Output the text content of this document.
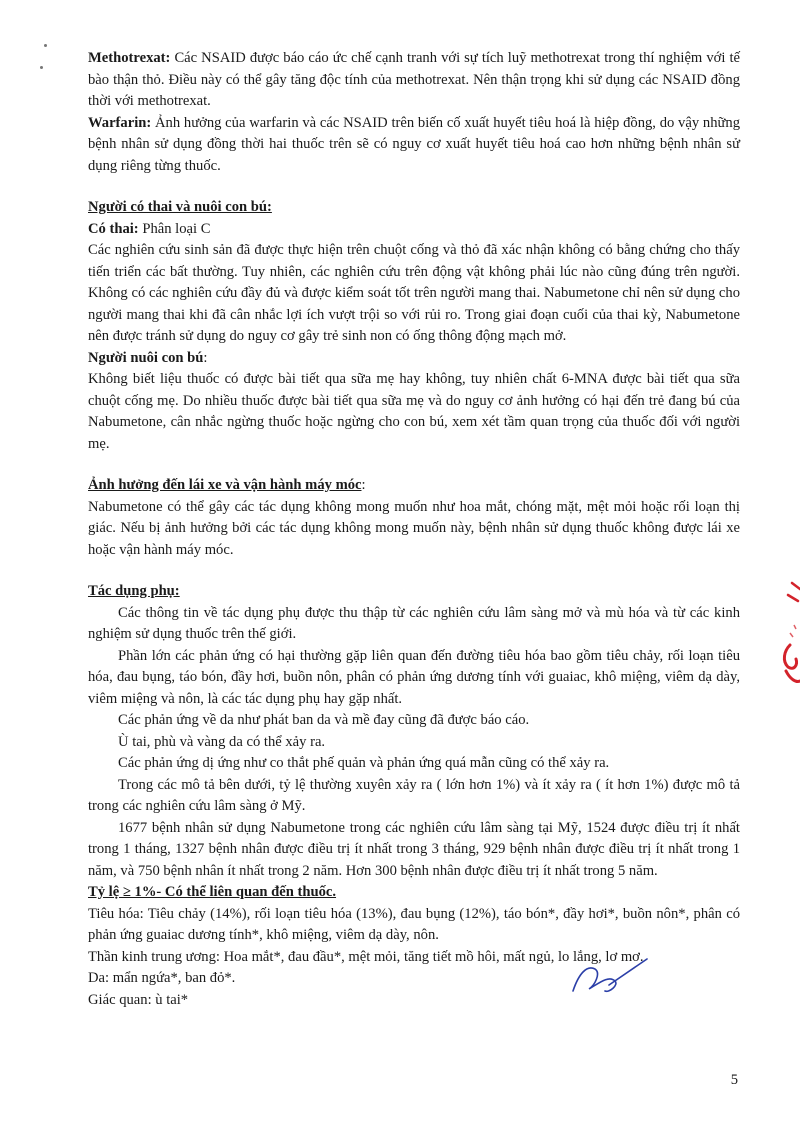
Methotrexat: Các NSAID được báo cáo ức chế cạnh tranh với sự tích luỹ methotrexat trong thí nghiệm với tế bào thận thỏ. Điều này có thể gây tăng độc tính của methotrexat. Nên thận trọng khi sử dụng các NSAID đồng thời với methotrexat.

Warfarin: Ảnh hưởng của warfarin và các NSAID trên biến cố xuất huyết tiêu hoá là hiệp đồng, do vậy những bệnh nhân sử dụng đồng thời hai thuốc trên sẽ có nguy cơ xuất huyết tiêu hoá cao hơn những bệnh nhân sử dụng riêng từng thuốc.

Người có thai và nuôi con bú:

Có thai: Phân loại C

Các nghiên cứu sinh sản đã được thực hiện trên chuột cống và thỏ đã xác nhận không có bằng chứng cho thấy tiến triển các bất thường. Tuy nhiên, các nghiên cứu trên động vật không phải lúc nào cũng đúng trên người. Không có các nghiên cứu đầy đủ và được kiểm soát tốt trên người mang thai. Nabumetone chỉ nên sử dụng cho người mang thai khi đã cân nhắc lợi ích vượt trội so với rủi ro. Trong giai đoạn cuối của thai kỳ, Nabumetone nên được tránh sử dụng do nguy cơ gây trẻ sinh non có ống thông động mạch mở.

Người nuôi con bú:

Không biết liệu thuốc có được bài tiết qua sữa mẹ hay không, tuy nhiên chất 6-MNA được bài tiết qua sữa chuột cống mẹ. Do nhiều thuốc được bài tiết qua sữa mẹ và do nguy cơ ảnh hưởng có hại đến trẻ đang bú của Nabumetone, cân nhắc ngừng thuốc hoặc ngừng cho con bú, xem xét tầm quan trọng của thuốc đối với người mẹ.

Ảnh hưởng đến lái xe và vận hành máy móc:

Nabumetone có thể gây các tác dụng không mong muốn như hoa mắt, chóng mặt, mệt mỏi hoặc rối loạn thị giác. Nếu bị ảnh hưởng bởi các tác dụng không mong muốn này, bệnh nhân sử dụng thuốc không được lái xe hoặc vận hành máy móc.

Tác dụng phụ:

Các thông tin về tác dụng phụ được thu thập từ các nghiên cứu lâm sàng mở và mù hóa và từ các kinh nghiệm sử dụng thuốc trên thế giới.

Phần lớn các phản ứng có hại thường gặp liên quan đến đường tiêu hóa bao gồm tiêu chảy, rối loạn tiêu hóa, đau bụng, táo bón, đầy hơi, buồn nôn, phân có phản ứng dương tính với guaiac, khô miệng, viêm dạ dày, viêm miệng và nôn, là các tác dụng phụ hay gặp nhất.

Các phản ứng về da như phát ban da và mề đay cũng đã được báo cáo.

Ù tai, phù và vàng da có thể xảy ra.

Các phản ứng dị ứng như co thắt phế quản và phản ứng quá mẫn cũng có thể xảy ra.

Trong các mô tả bên dưới, tỷ lệ thường xuyên xảy ra ( lớn hơn 1%) và ít xảy ra ( ít hơn 1%) được mô tả trong các nghiên cứu lâm sàng ở Mỹ.

1677 bệnh nhân sử dụng Nabumetone trong các nghiên cứu lâm sàng tại Mỹ, 1524 được điều trị ít nhất trong 1 tháng, 1327 bệnh nhân được điều trị ít nhất trong 3 tháng, 929 bệnh nhân được điều trị ít nhất trong 1 năm, và 750 bệnh nhân ít nhất trong 2 năm. Hơn 300 bệnh nhân được điều trị ít nhất trong 5 năm.

Tỷ lệ ≥ 1%- Có thể liên quan đến thuốc.

Tiêu hóa: Tiêu chảy (14%), rối loạn tiêu hóa (13%), đau bụng (12%), táo bón*, đầy hơi*, buồn nôn*, phân có phản ứng guaiac dương tính*, khô miệng, viêm dạ dày, nôn.

Thần kinh trung ương: Hoa mắt*, đau đầu*, mệt mỏi, tăng tiết mồ hôi, mất ngủ, lo lắng, lơ mơ.

Da: mẩn ngứa*, ban đỏ*.

Giác quan: ù tai*

5
